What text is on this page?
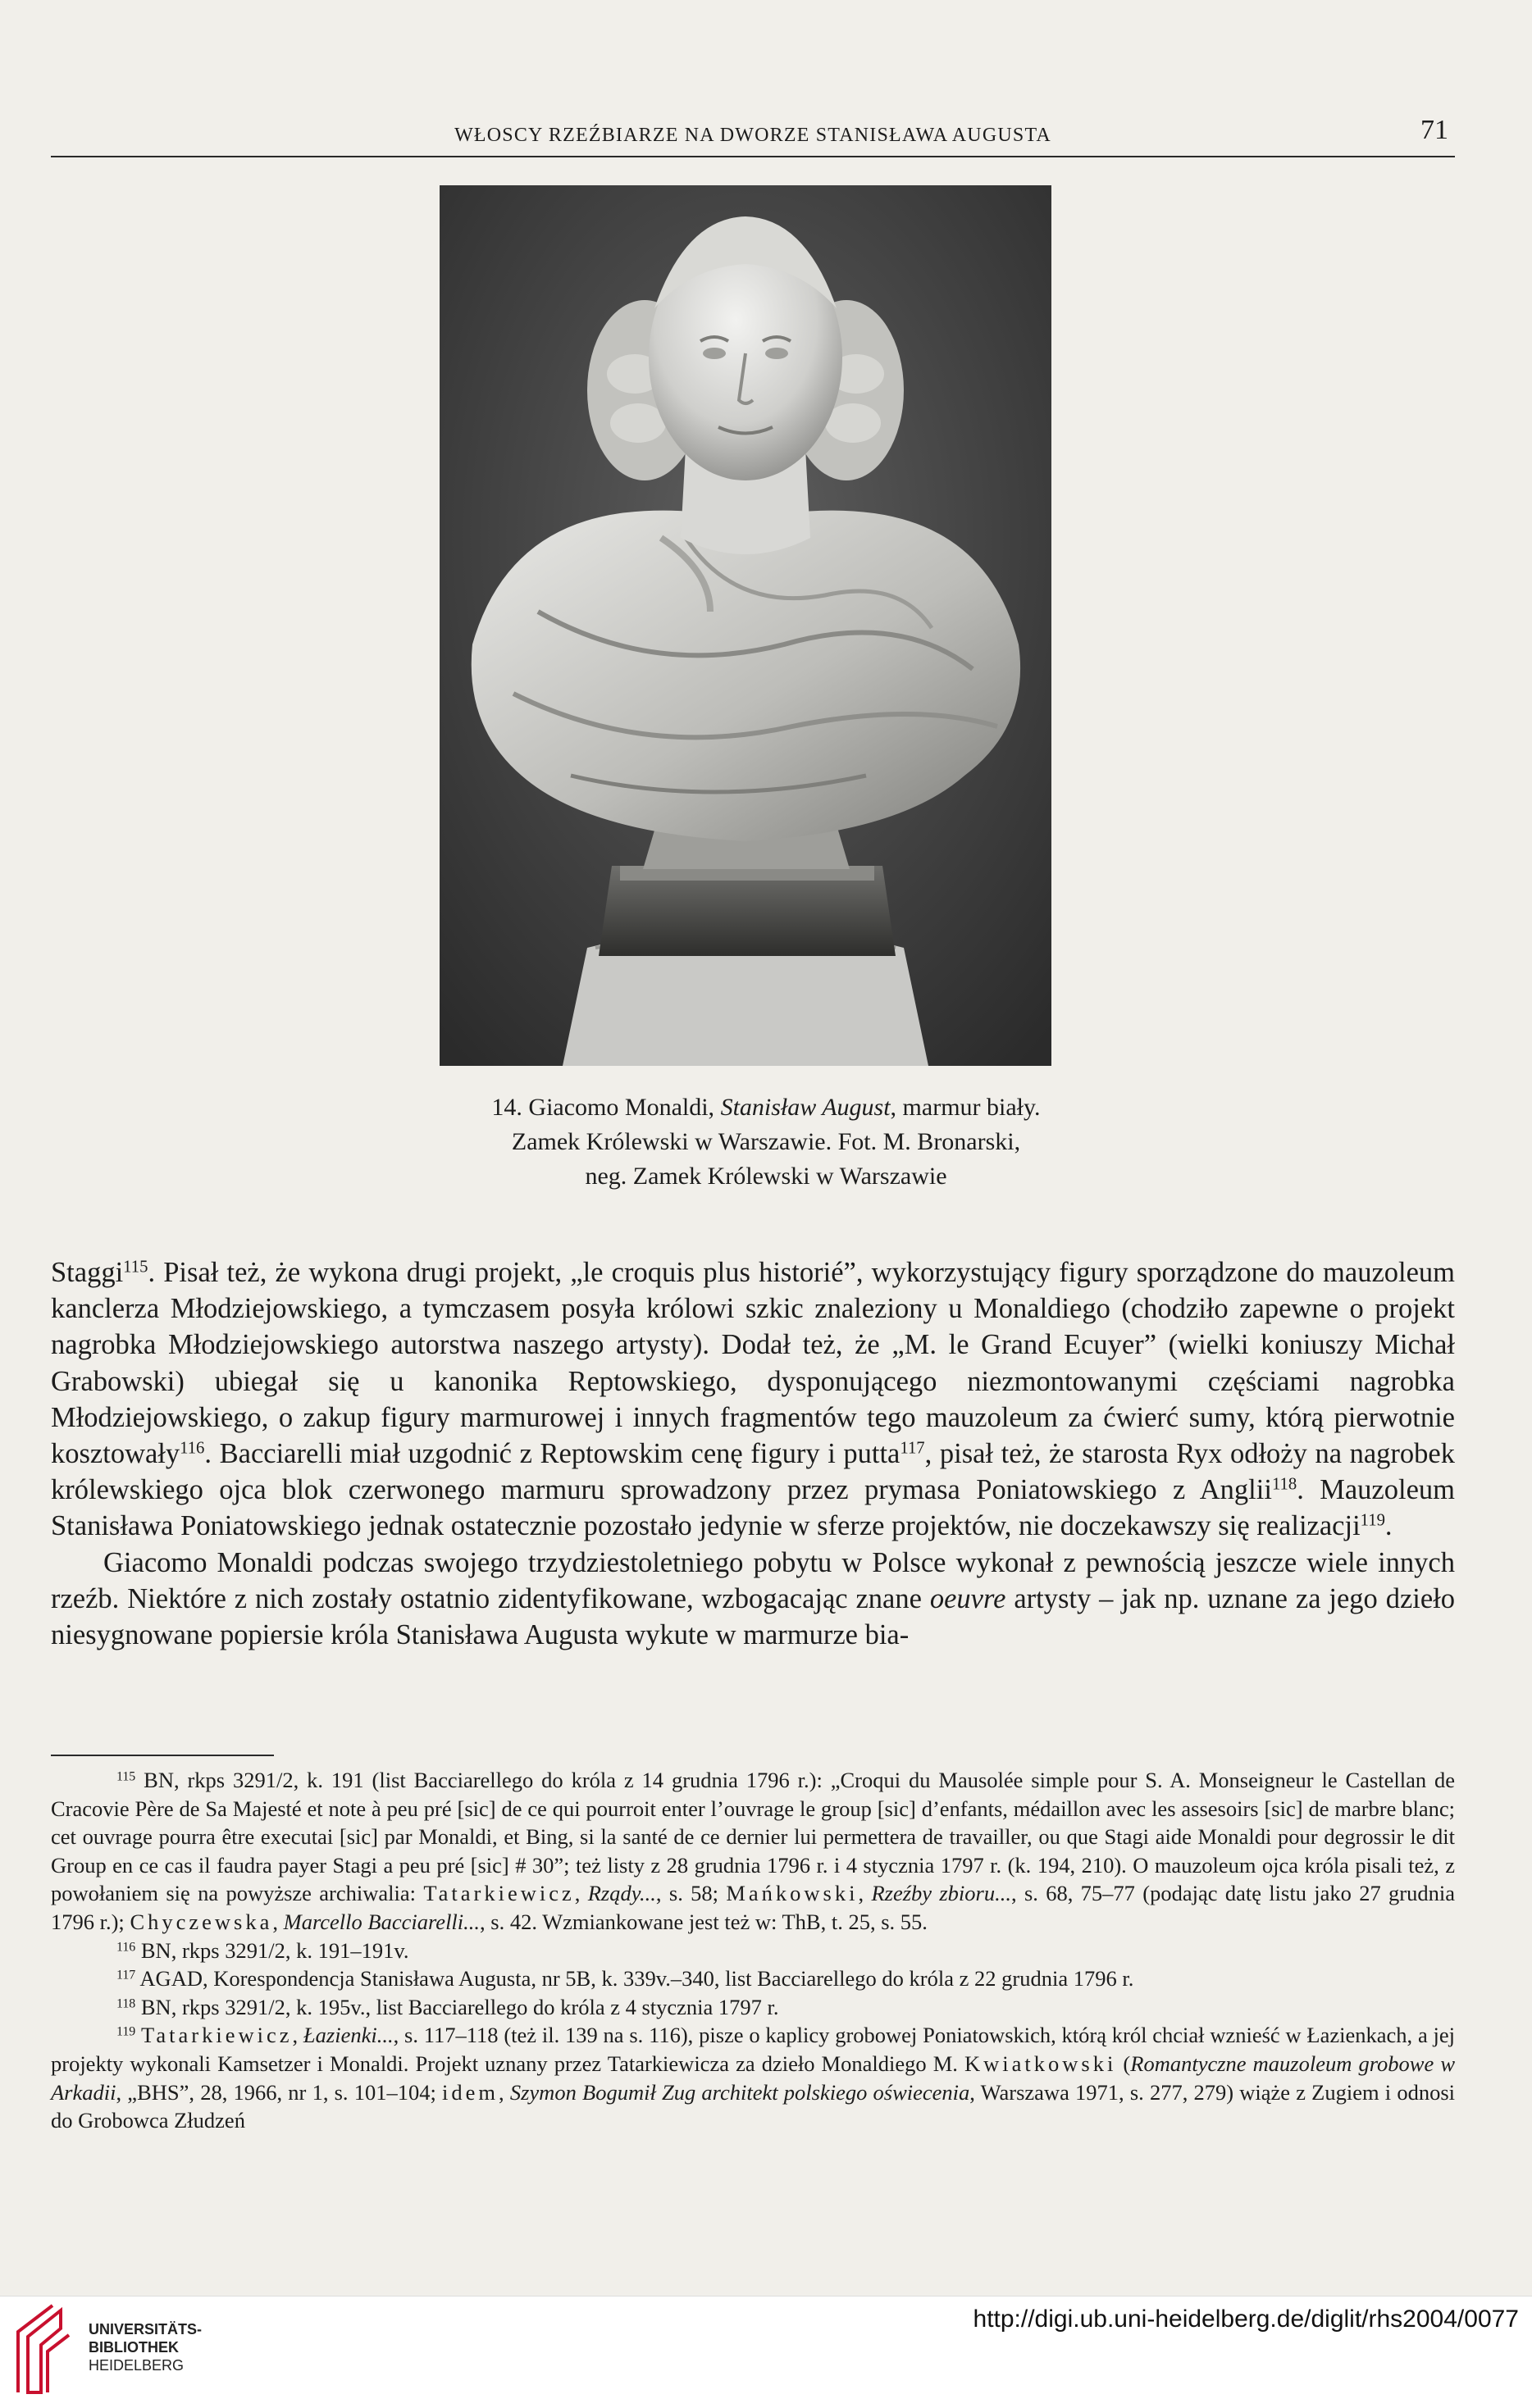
WŁOSCY RZEŹBIARZE NA DWORZE STANISŁAWA AUGUSTA	71
14. Giacomo Monaldi, Stanisław August, marmur biały.
Zamek Królewski w Warszawie. Fot. M. Bronarski,
neg. Zamek Królewski w Warszawie

Staggi$^{115}$. Pisał też, że wykona drugi projekt, „le croquis plus historié”, wykorzystujący figury sporządzone do mauzoleum kanclerza Młodziejowskiego, a tymczasem posyła królowi szkic znaleziony u Monaldiego (chodziło zapewne o projekt nagrobka Młodziejowskiego autorstwa naszego artysty). Dodał też, że „M. le Grand Ecuyer” (wielki koniuszy Michał Grabowski) ubiegał się u kanonika Reptowskiego, dysponującego niezmontowanymi częściami nagrobka Młodziejowskiego, o zakup figury marmurowej i innych fragmentów tego mauzoleum za ćwierć sumy, którą pierwotnie kosztowały$^{116}$. Bacciarelli miał uzgodnić z Reptowskim cenę figury i putta$^{117}$, pisał też, że starosta Ryx odłoży na nagrobek królewskiego ojca blok czerwonego marmuru sprowadzony przez prymasa Poniatowskiego z Anglii$^{118}$. Mauzoleum Stanisława Poniatowskiego jednak ostatecznie pozostało jedynie w sferze projektów, nie doczekawszy się realizacji$^{119}$.

Giacomo Monaldi podczas swojego trzydziestoletniego pobytu w Polsce wykonał z pewnością jeszcze wiele innych rzeźb. Niektóre z nich zostały ostatnio zidentyfikowane, wzbogacając znane oeuvre artysty – jak np. uznane za jego dzieło niesygnowane popiersie króla Stanisława Augusta wykute w marmurze bia-

$^{115}$ BN, rkps 3291/2, k. 191 (list Bacciarellego do króla z 14 grudnia 1796 r.): „Croqui du Mausolée simple pour S. A. Monseigneur le Castellan de Cracovie Père de Sa Majesté et note à peu pré [sic] de ce qui pourroit enter l’ouvrage le group [sic] d’enfants, médaillon avec les assesoirs [sic] de marbre blanc; cet ouvrage pourra être executai [sic] par Monaldi, et Bing, si la santé de ce dernier lui permettera de travailler, ou que Stagi aide Monaldi pour degrossir le dit Group en ce cas il faudra payer Stagi a peu pré [sic] # 30”; też listy z 28 grudnia 1796 r. i 4 stycznia 1797 r. (k. 194, 210). O mauzoleum ojca króla pisali też, z powołaniem się na powyższe archiwalia: Tatarkiewicz, Rządy..., s. 58; Mańkowski, Rzeźby zbioru..., s. 68, 75–77 (podając datę listu jako 27 grudnia 1796 r.); Chyczewska, Marcello Bacciarelli..., s. 42. Wzmiankowane jest też w: ThB, t. 25, s. 55.

$^{116}$ BN, rkps 3291/2, k. 191–191v.

$^{117}$ AGAD, Korespondencja Stanisława Augusta, nr 5B, k. 339v.–340, list Bacciarellego do króla z 22 grudnia 1796 r.

$^{118}$ BN, rkps 3291/2, k. 195v., list Bacciarellego do króla z 4 stycznia 1797 r.

$^{119}$ Tatarkiewicz, Łazienki..., s. 117–118 (też il. 139 na s. 116), pisze o kaplicy grobowej Poniatowskich, którą król chciał wznieść w Łazienkach, a jej projekty wykonali Kamsetzer i Monaldi. Projekt uznany przez Tatarkiewicza za dzieło Monaldiego M. Kwiatkowski (Romantyczne mauzoleum grobowe w Arkadii, „BHS”, 28, 1966, nr 1, s. 101–104; idem, Szymon Bogumił Zug architekt polskiego oświecenia, Warszawa 1971, s. 277, 279) wiąże z Zugiem i odnosi do Grobowca Złudzeń

UNIVERSITÄTS-
BIBLIOTHEK
HEIDELBERG
http://digi.ub.uni-heidelberg.de/diglit/rhs2004/0077
